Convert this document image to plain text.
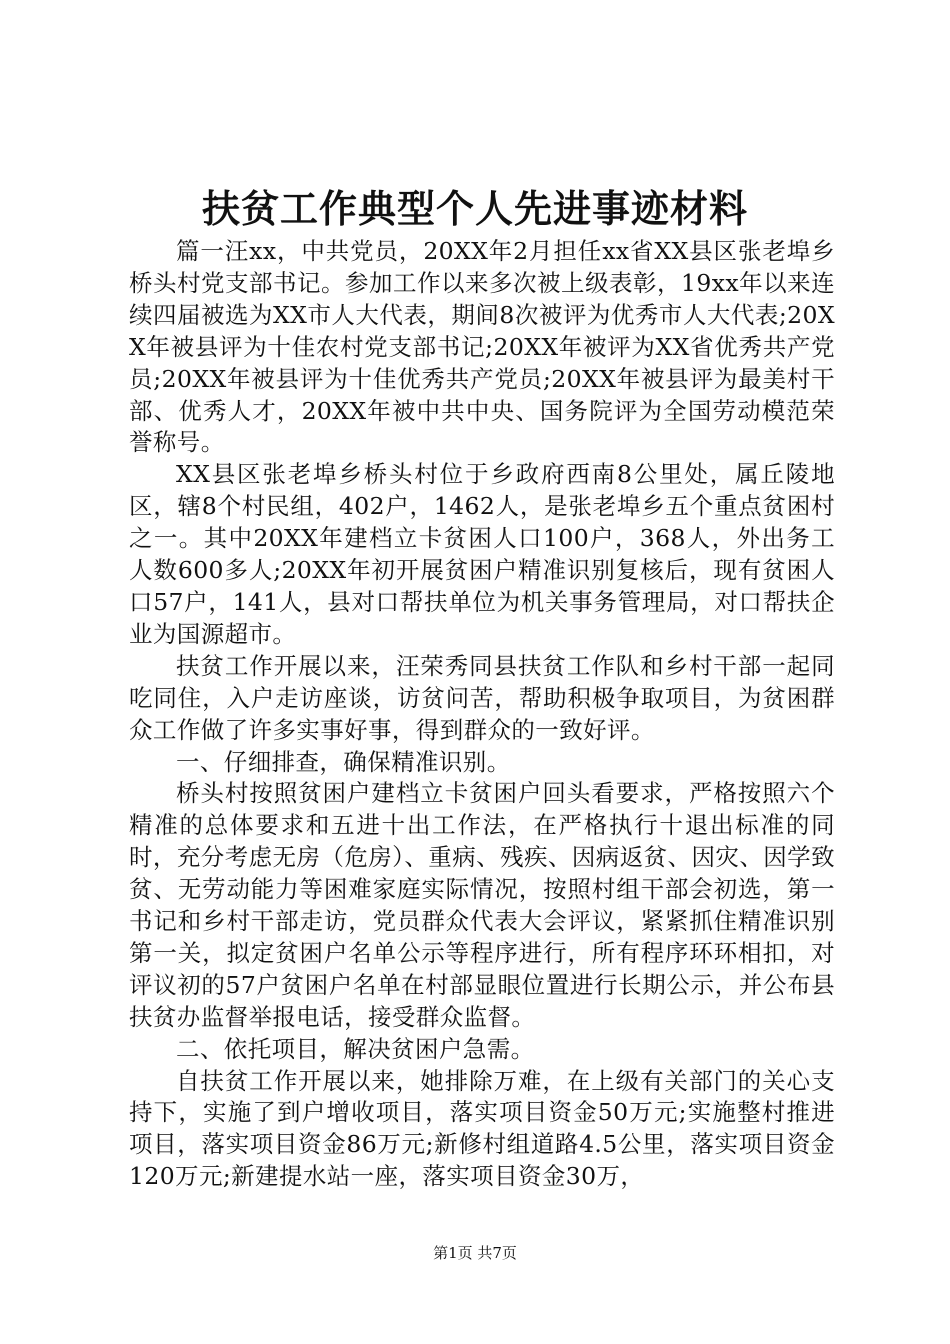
扶贫工作典型个人先进事迹材料

篇一汪xx，中共党员，20XX年2月担任xx省XX县区张老埠乡桥头村党支部书记。参加工作以来多次被上级表彰，19xx年以来连续四届被选为XX市人大代表，期间8次被评为优秀市人大代表;20XX年被县评为十佳农村党支部书记;20XX年被评为XX省优秀共产党员;20XX年被县评为十佳优秀共产党员;20XX年被县评为最美村干部、优秀人才，20XX年被中共中央、国务院评为全国劳动模范荣誉称号。

XX县区张老埠乡桥头村位于乡政府西南8公里处，属丘陵地区，辖8个村民组，402户，1462人，是张老埠乡五个重点贫困村之一。其中20XX年建档立卡贫困人口100户，368人，外出务工人数600多人;20XX年初开展贫困户精准识别复核后，现有贫困人口57户，141人，县对口帮扶单位为机关事务管理局，对口帮扶企业为国源超市。

扶贫工作开展以来，汪荣秀同县扶贫工作队和乡村干部一起同吃同住，入户走访座谈，访贫问苦，帮助积极争取项目，为贫困群众工作做了许多实事好事，得到群众的一致好评。

一、仔细排查，确保精准识别。

桥头村按照贫困户建档立卡贫困户回头看要求，严格按照六个精准的总体要求和五进十出工作法，在严格执行十退出标准的同时，充分考虑无房（危房）、重病、残疾、因病返贫、因灾、因学致贫、无劳动能力等困难家庭实际情况，按照村组干部会初选，第一书记和乡村干部走访，党员群众代表大会评议，紧紧抓住精准识别第一关，拟定贫困户名单公示等程序进行，所有程序环环相扣，对评议初的57户贫困户名单在村部显眼位置进行长期公示，并公布县扶贫办监督举报电话，接受群众监督。

二、依托项目，解决贫困户急需。

自扶贫工作开展以来，她排除万难，在上级有关部门的关心支持下，实施了到户增收项目，落实项目资金50万元;实施整村推进项目，落实项目资金86万元;新修村组道路4.5公里，落实项目资金120万元;新建提水站一座，落实项目资金30万，

第1页 共7页
